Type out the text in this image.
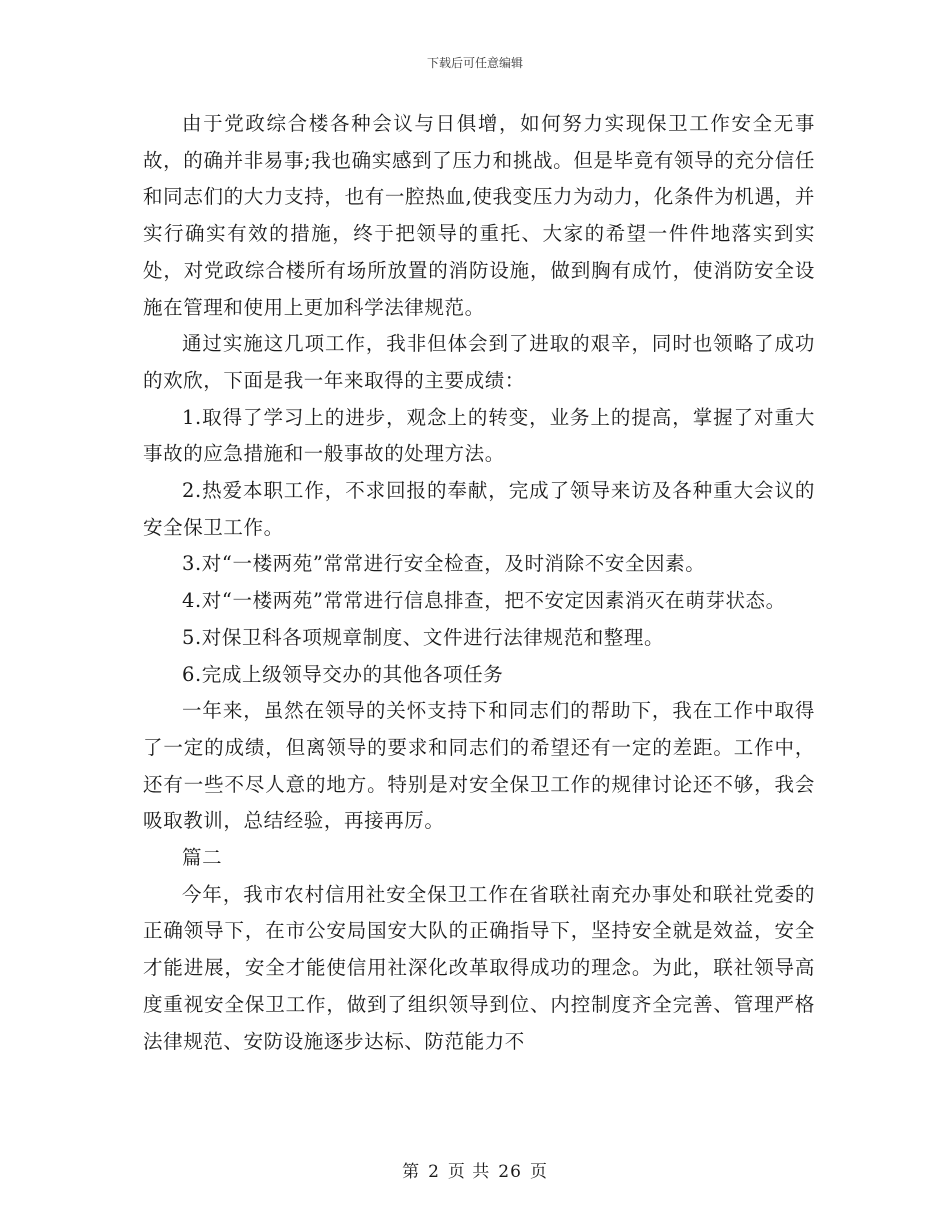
下载后可任意编辑

由于党政综合楼各种会议与日俱增，如何努力实现保卫工作安全无事故，的确并非易事;我也确实感到了压力和挑战。但是毕竟有领导的充分信任和同志们的大力支持，也有一腔热血,使我变压力为动力，化条件为机遇，并实行确实有效的措施，终于把领导的重托、大家的希望一件件地落实到实处，对党政综合楼所有场所放置的消防设施，做到胸有成竹，使消防安全设施在管理和使用上更加科学法律规范。

通过实施这几项工作，我非但体会到了进取的艰辛，同时也领略了成功的欢欣，下面是我一年来取得的主要成绩：

1.取得了学习上的进步，观念上的转变，业务上的提高，掌握了对重大事故的应急措施和一般事故的处理方法。

2.热爱本职工作，不求回报的奉献，完成了领导来访及各种重大会议的安全保卫工作。

3.对“一楼两苑”常常进行安全检查，及时消除不安全因素。

4.对“一楼两苑”常常进行信息排查，把不安定因素消灭在萌芽状态。

5.对保卫科各项规章制度、文件进行法律规范和整理。

6.完成上级领导交办的其他各项任务

一年来，虽然在领导的关怀支持下和同志们的帮助下，我在工作中取得了一定的成绩，但离领导的要求和同志们的希望还有一定的差距。工作中，还有一些不尽人意的地方。特别是对安全保卫工作的规律讨论还不够，我会吸取教训，总结经验，再接再厉。

篇二

今年，我市农村信用社安全保卫工作在省联社南充办事处和联社党委的正确领导下，在市公安局国安大队的正确指导下，坚持安全就是效益，安全才能进展，安全才能使信用社深化改革取得成功的理念。为此，联社领导高度重视安全保卫工作，做到了组织领导到位、内控制度齐全完善、管理严格法律规范、安防设施逐步达标、防范能力不

第 2 页 共 26 页
